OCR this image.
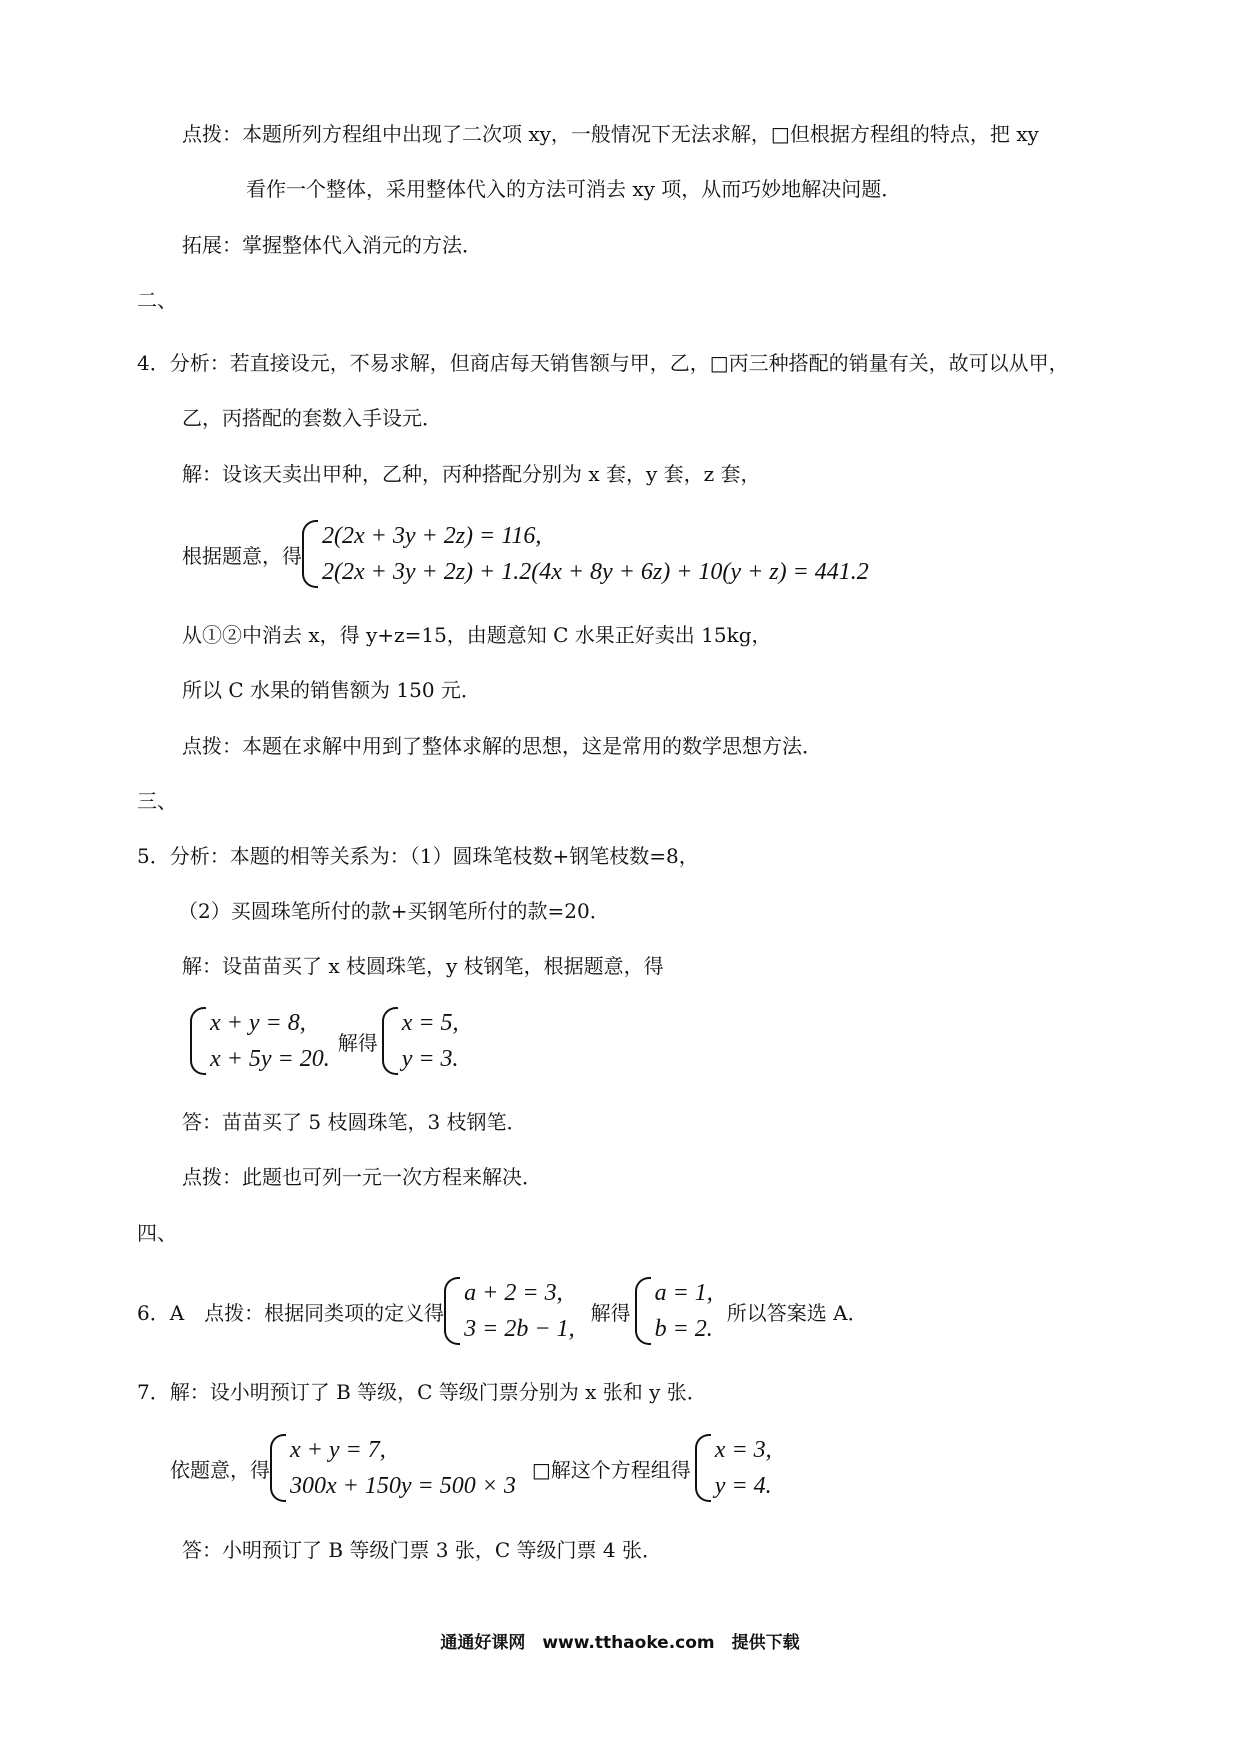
点拨：本题所列方程组中出现了二次项 xy，一般情况下无法求解，□但根据方程组的特点，把 xy
看作一个整体，采用整体代入的方法可消去 xy 项，从而巧妙地解决问题．
拓展：掌握整体代入消元的方法．
二、
4．分析：若直接设元，不易求解，但商店每天销售额与甲，乙，□丙三种搭配的销量有关，故可以从甲，
乙，丙搭配的套数入手设元．
解：设该天卖出甲种，乙种，丙种搭配分别为 x 套，y 套，z 套，
根据题意，得
2(2x + 3y + 2z) = 116,
2(2x + 3y + 2z) + 1.2(4x + 8y + 6z) + 10(y + z) = 441.2
从①②中消去 x，得 y+z=15，由题意知 C 水果正好卖出 15kg，
所以 C 水果的销售额为 150 元．
点拨：本题在求解中用到了整体求解的思想，这是常用的数学思想方法．
三、
5．分析：本题的相等关系为：（1）圆珠笔枝数+钢笔枝数=8，
（2）买圆珠笔所付的款+买钢笔所付的款=20．
解：设苗苗买了 x 枝圆珠笔，y 枝钢笔，根据题意，得
x + y = 8,
x + 5y = 20.
解得
x = 5,
y = 3.
答：苗苗买了 5 枝圆珠笔，3 枝钢笔．
点拨：此题也可列一元一次方程来解决．
四、
6．A　点拨：根据同类项的定义得
a + 2 = 3,
3 = 2b − 1,
解得
a = 1,
b = 2.
所以答案选 A．
7．解：设小明预订了 B 等级，C 等级门票分别为 x 张和 y 张．
依题意，得
x + y = 7,
300x + 150y = 500 × 3
□解这个方程组得
x = 3,
y = 4.
答：小明预订了 B 等级门票 3 张，C 等级门票 4 张．
通通好课网　www.tthaoke.com　提供下载
